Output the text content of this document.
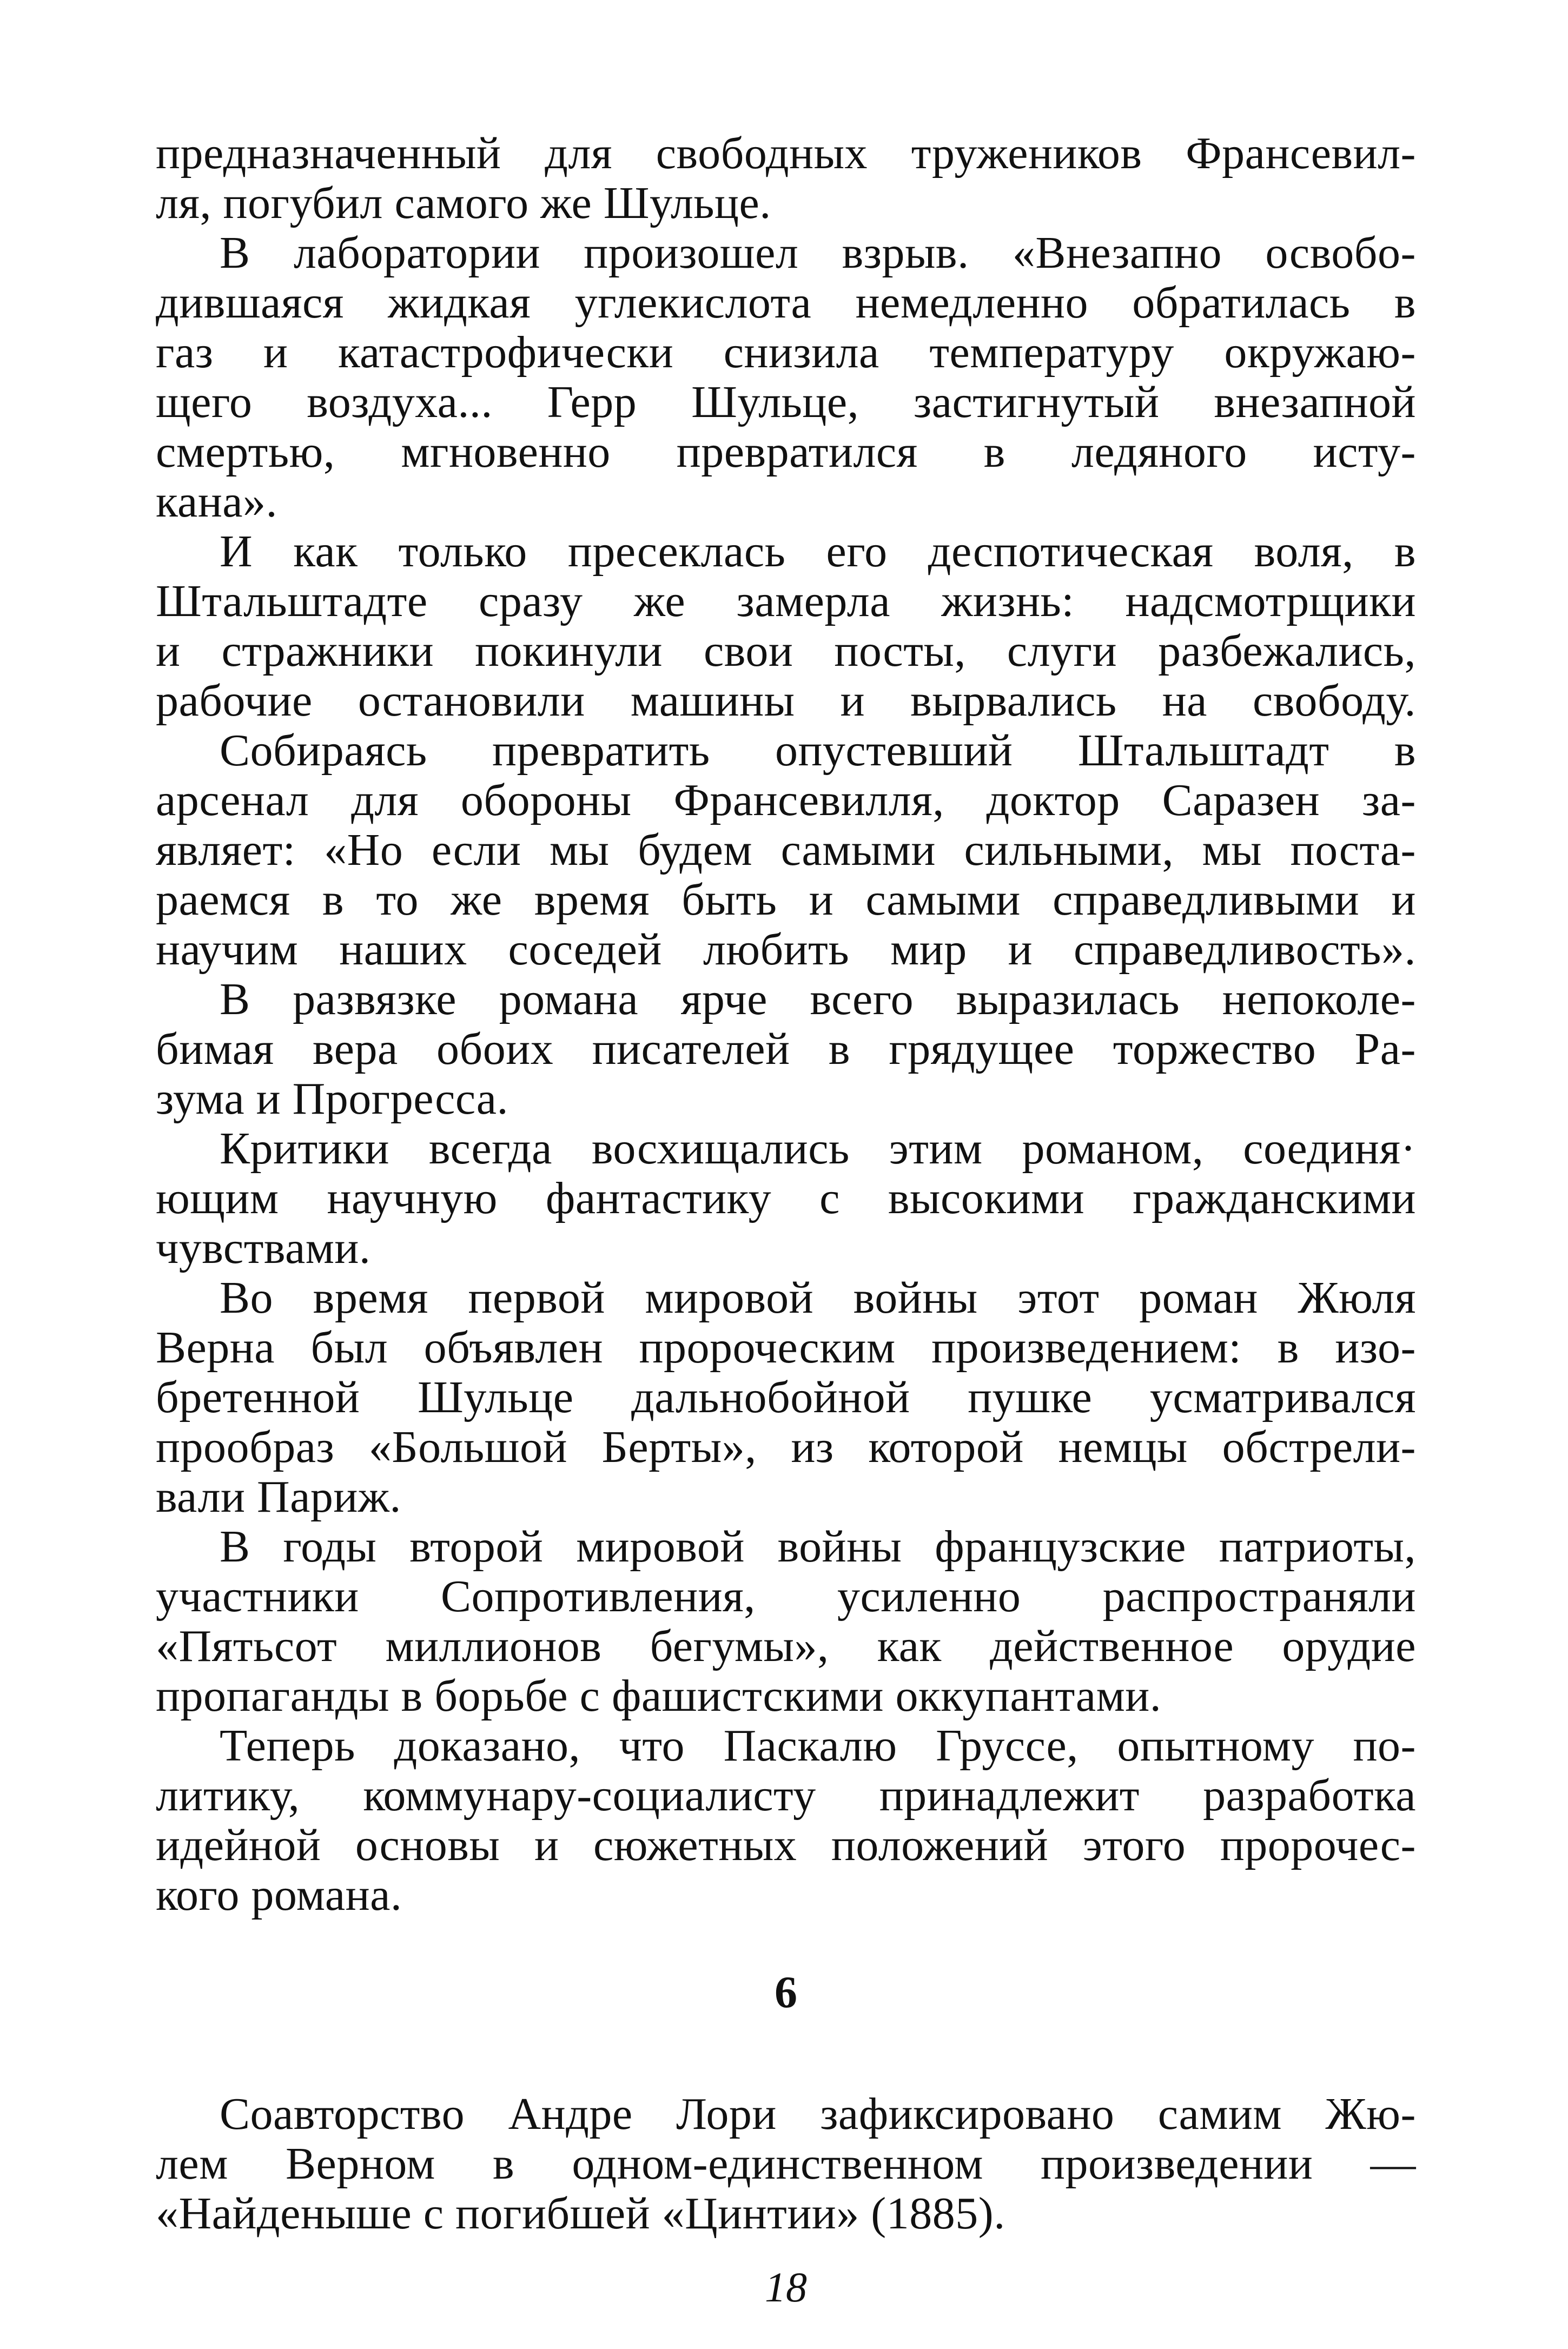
предназначенный для свободных тружеников Франсевил-
ля, погубил самого же Шульце.
В лаборатории произошел взрыв. «Внезапно освобо-
дившаяся жидкая углекислота немедленно обратилась в
газ и катастрофически снизила температуру окружаю-
щего воздуха... Герр Шульце, застигнутый внезапной
смертью, мгновенно превратился в ледяного исту-
кана».
И как только пресеклась его деспотическая воля, в
Штальштадте сразу же замерла жизнь: надсмотрщики
и стражники покинули свои посты, слуги разбежались,
рабочие остановили машины и вырвались на свободу.
Собираясь превратить опустевший Штальштадт в
арсенал для обороны Франсевилля, доктор Саразен за-
являет: «Но если мы будем самыми сильными, мы поста-
раемся в то же время быть и самыми справедливыми и
научим наших соседей любить мир и справедливость».
В развязке романа ярче всего выразилась непоколе-
бимая вера обоих писателей в грядущее торжество Ра-
зума и Прогресса.
Критики всегда восхищались этим романом, соединя·
ющим научную фантастику с высокими гражданскими
чувствами.
Во время первой мировой войны этот роман Жюля
Верна был объявлен пророческим произведением: в изо-
бретенной Шульце дальнобойной пушке усматривался
прообраз «Большой Берты», из которой немцы обстрели-
вали Париж.
В годы второй мировой войны французские патриоты,
участники Сопротивления, усиленно распространяли
«Пятьсот миллионов бегумы», как действенное орудие
пропаганды в борьбе с фашистскими оккупантами.
Теперь доказано, что Паскалю Груссе, опытному по-
литику, коммунару-социалисту принадлежит разработка
идейной основы и сюжетных положений этого пророчес-
кого романа.
6
Соавторство Андре Лори зафиксировано самим Жю-
лем Верном в одном-единственном произведении —
«Найденыше с погибшей «Цинтии» (1885).
18
